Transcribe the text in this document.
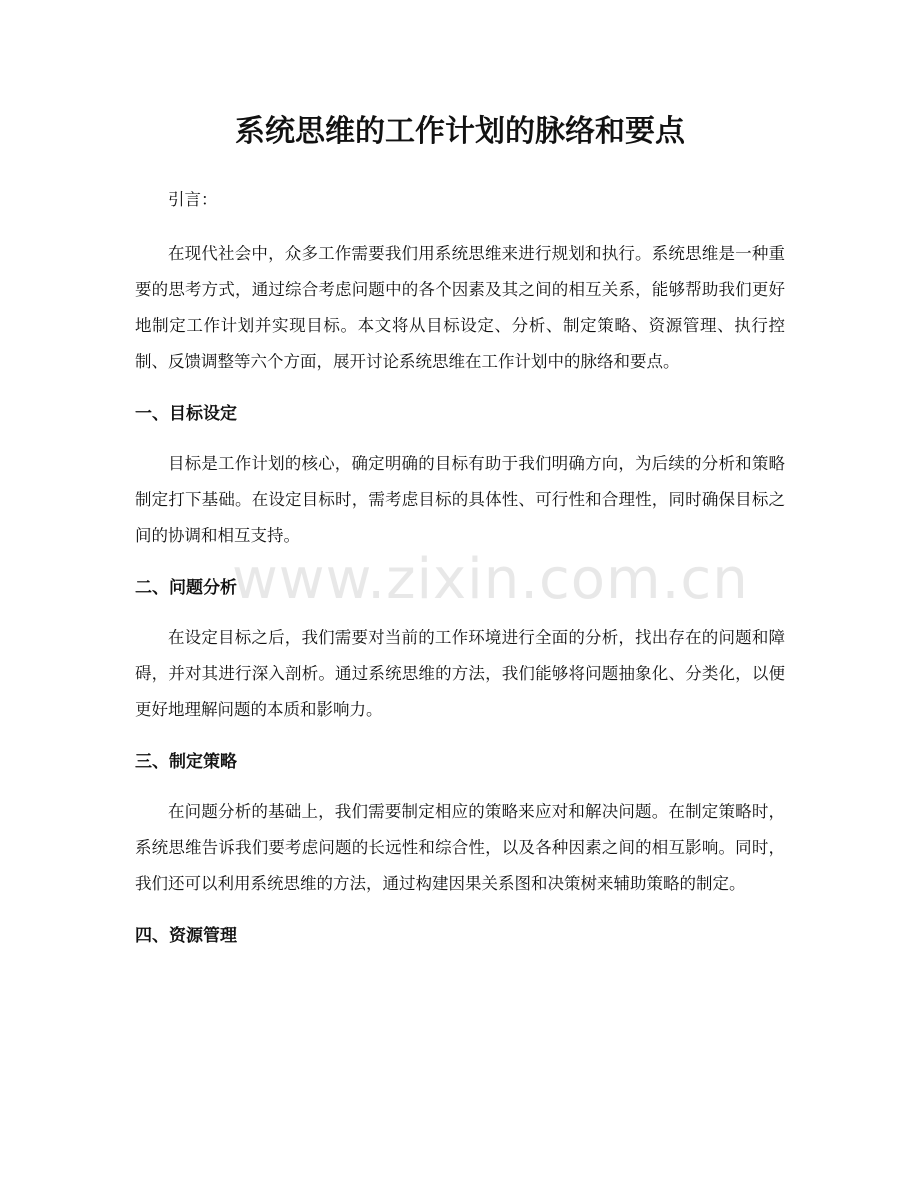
系统思维的工作计划的脉络和要点

引言：

在现代社会中，众多工作需要我们用系统思维来进行规划和执行。系统思维是一种重要的思考方式，通过综合考虑问题中的各个因素及其之间的相互关系，能够帮助我们更好地制定工作计划并实现目标。本文将从目标设定、分析、制定策略、资源管理、执行控制、反馈调整等六个方面，展开讨论系统思维在工作计划中的脉络和要点。

一、目标设定

目标是工作计划的核心，确定明确的目标有助于我们明确方向，为后续的分析和策略制定打下基础。在设定目标时，需考虑目标的具体性、可行性和合理性，同时确保目标之间的协调和相互支持。

二、问题分析

在设定目标之后，我们需要对当前的工作环境进行全面的分析，找出存在的问题和障碍，并对其进行深入剖析。通过系统思维的方法，我们能够将问题抽象化、分类化，以便更好地理解问题的本质和影响力。

三、制定策略

在问题分析的基础上，我们需要制定相应的策略来应对和解决问题。在制定策略时，系统思维告诉我们要考虑问题的长远性和综合性，以及各种因素之间的相互影响。同时，我们还可以利用系统思维的方法，通过构建因果关系图和决策树来辅助策略的制定。

四、资源管理
www.zixin.com.cn
